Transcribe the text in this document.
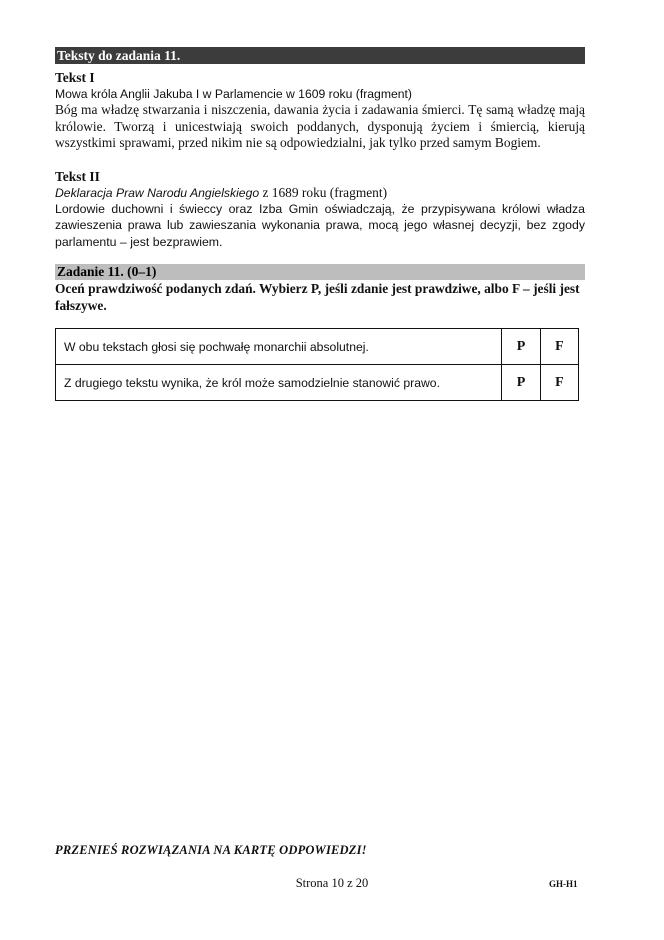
Teksty do zadania 11.
Tekst I
Mowa króla Anglii Jakuba I w Parlamencie w 1609 roku (fragment)
Bóg ma władzę stwarzania i niszczenia, dawania życia i zadawania śmierci. Tę samą władzę mają królowie. Tworzą i unicestwiają swoich poddanych, dysponują życiem i śmiercią, kierują wszystkimi sprawami, przed nikim nie są odpowiedzialni, jak tylko przed samym Bogiem.
Tekst II
Deklaracja Praw Narodu Angielskiego z 1689 roku (fragment)
Lordowie duchowni i świeccy oraz Izba Gmin oświadczają, że przypisywana królowi władza zawieszenia prawa lub zawieszania wykonania prawa, mocą jego własnej decyzji, bez zgody parlamentu – jest bezprawiem.
Zadanie 11. (0–1)
Oceń prawdziwość podanych zdań. Wybierz P, jeśli zdanie jest prawdziwe, albo F – jeśli jest fałszywe.
W obu tekstach głosi się pochwałę monarchii absolutnej.	P	F
Z drugiego tekstu wynika, że król może samodzielnie stanowić prawo.	P	F
PRZENIEŚ ROZWIĄZANIA NA KARTĘ ODPOWIEDZI!
Strona 10 z 20	GH-H1
